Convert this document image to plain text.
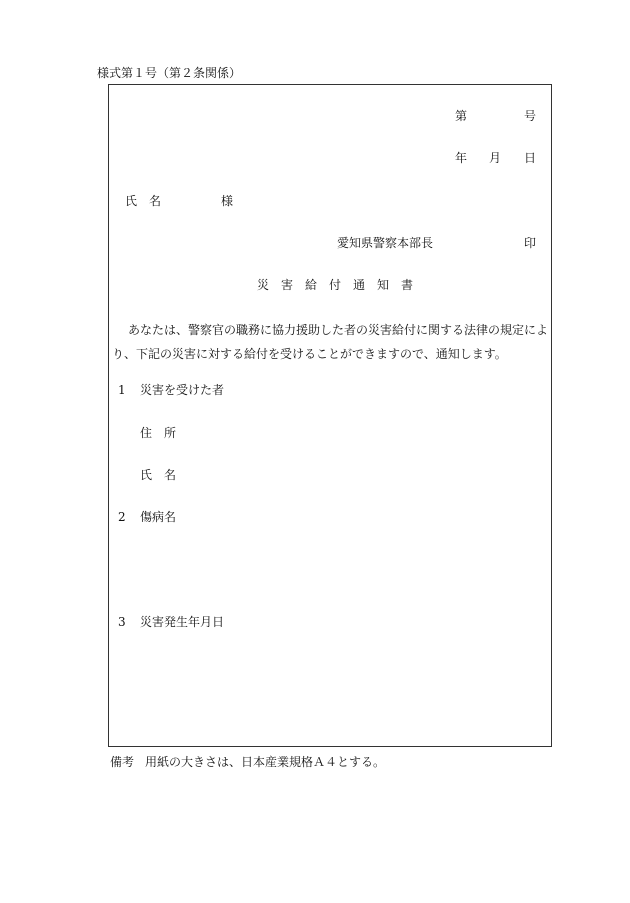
様式第１号（第２条関係）
第	号
年 月 日
氏　名	様
愛知県警察本部長	印
災　害　給　付　通　知　書
あなたは、警察官の職務に協力援助した者の災害給付に関する法律の規定によ
り、下記の災害に対する給付を受けることができますので、通知します。
1 災害を受けた者
住　所
氏　名
2 傷病名
3 災害発生年月日
備考 用紙の大きさは、日本産業規格Ａ４とする。
